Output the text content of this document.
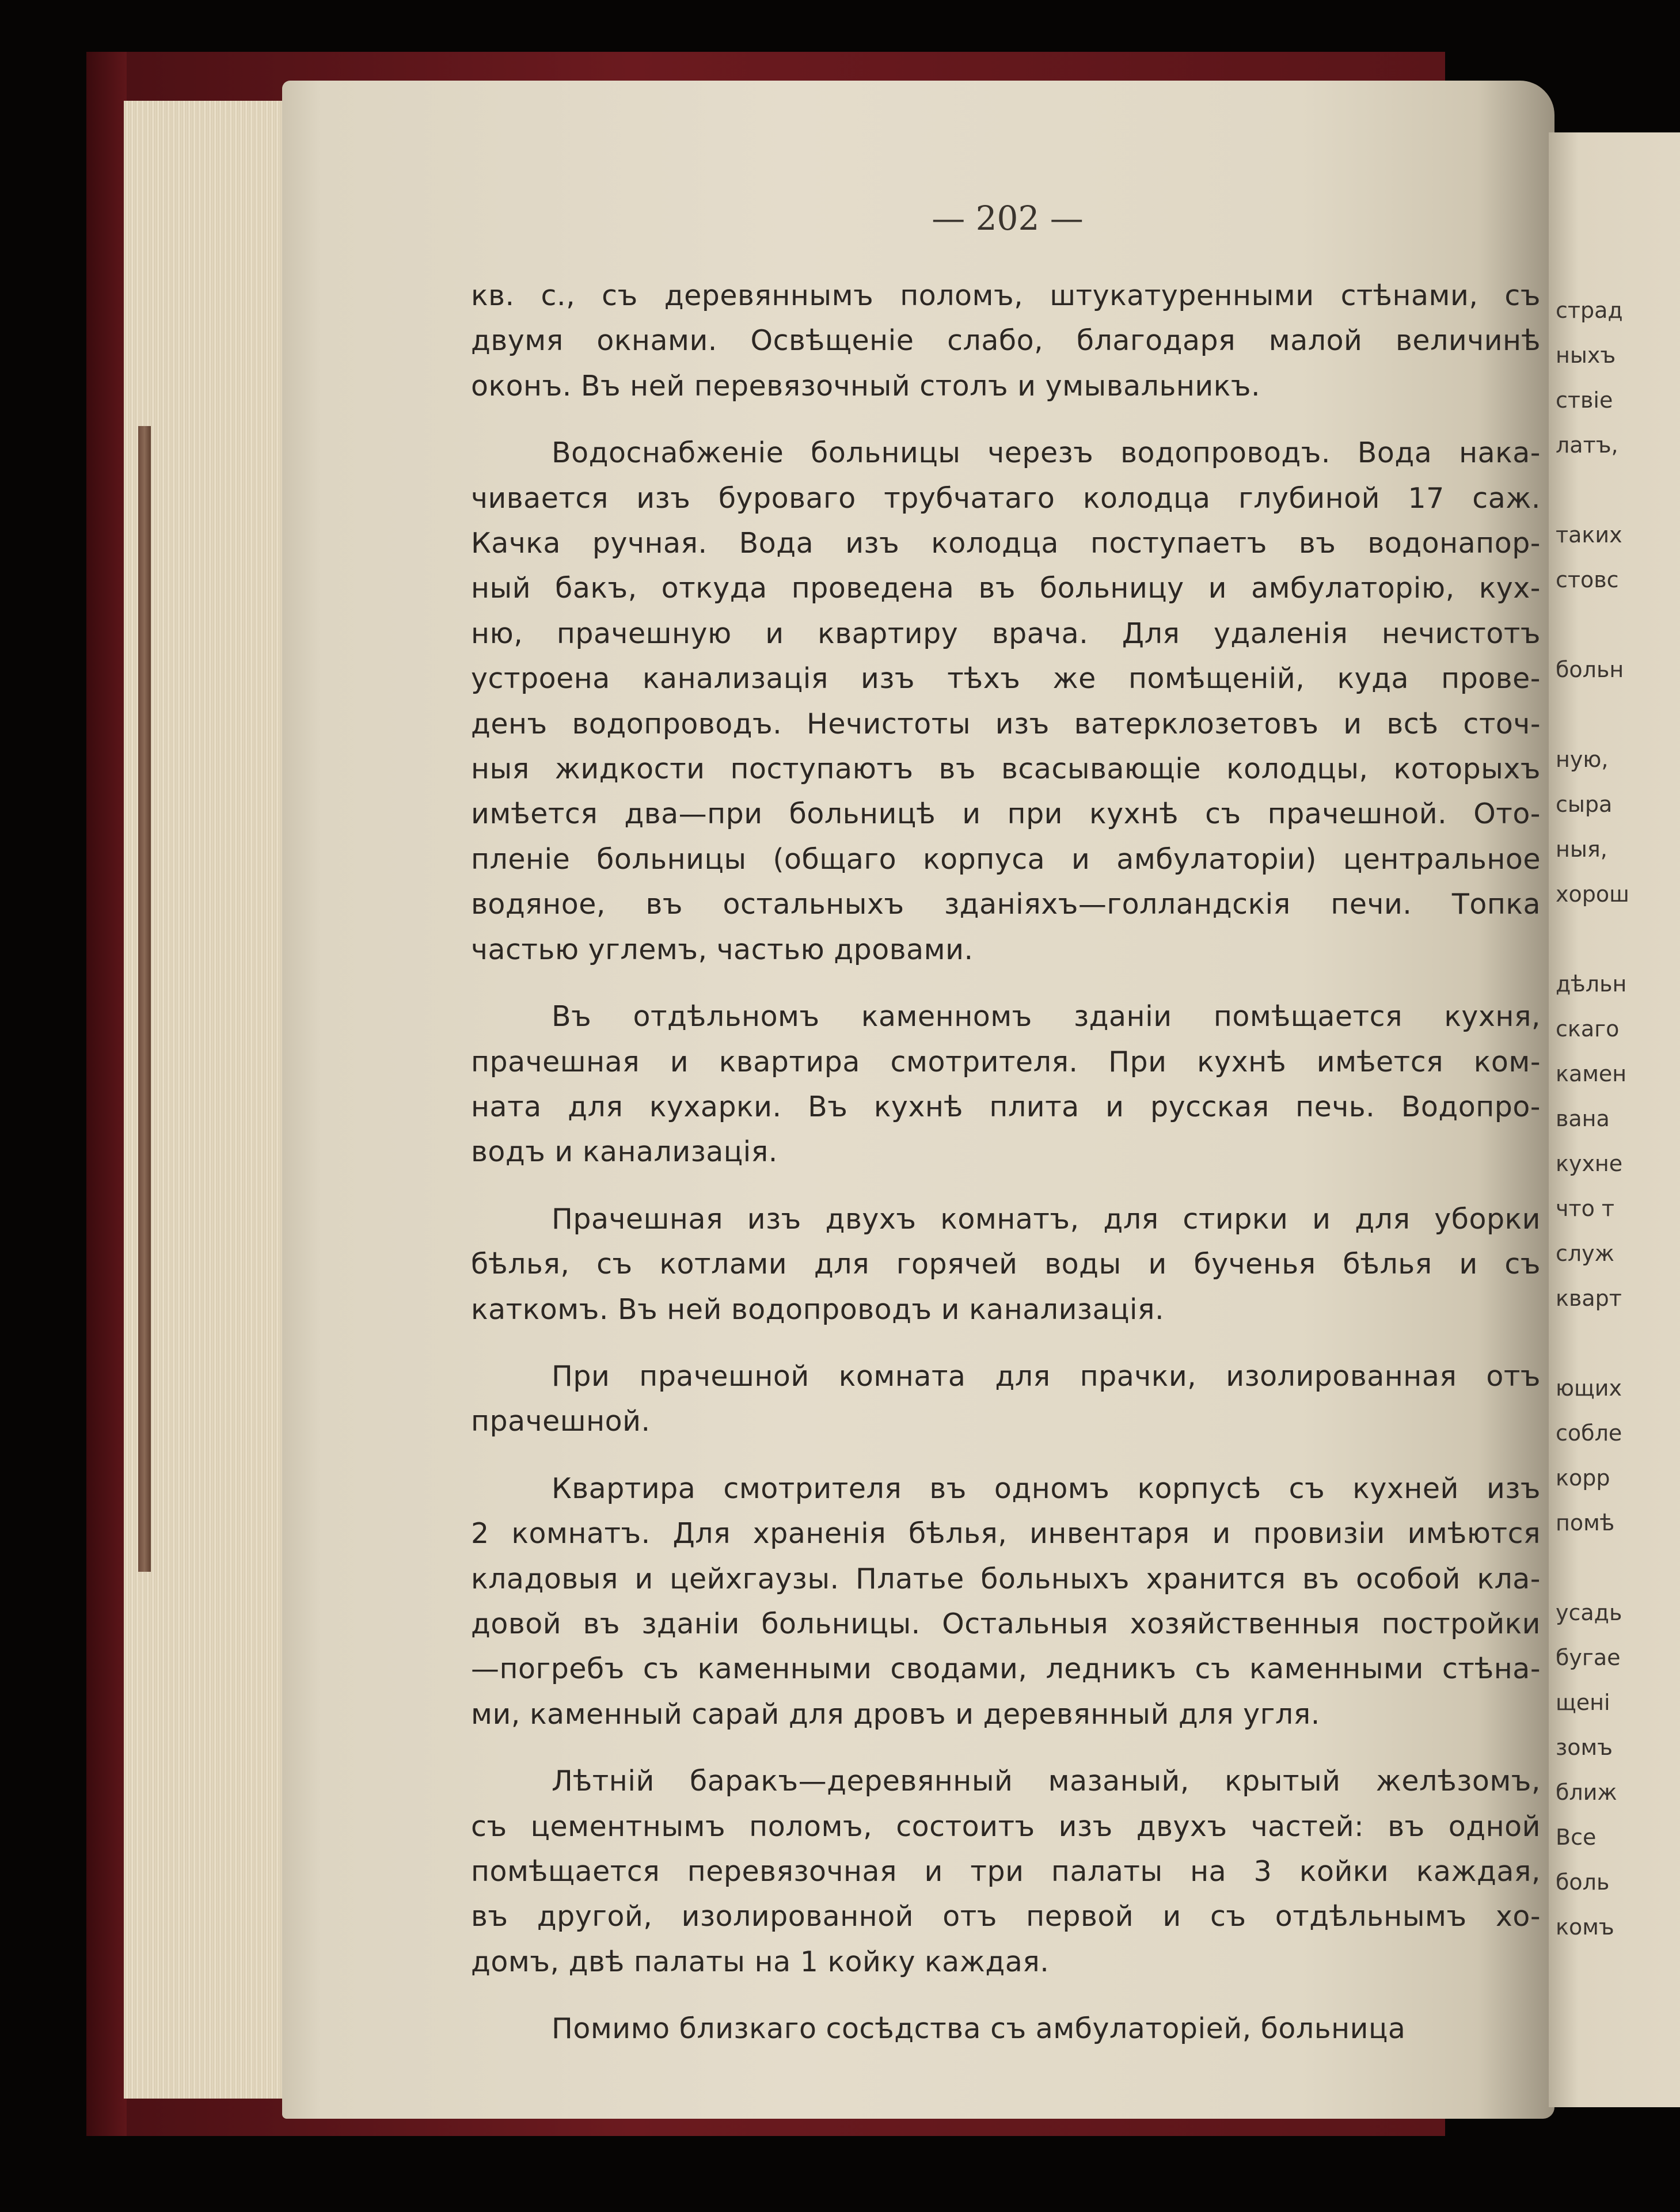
страд
ныхъ
ствіе
латъ,
таких
стовс
больн
ную,
сыра
ныя,
хорош
дѣльн
скаго
камен
вана
кухне
что т
служ
кварт
ющих
собле
корр
помѣ
усадь
бугае
щені
зомъ
ближ
Все
боль
комъ
— 202 —
кв. с., съ деревяннымъ поломъ, штукатуренными стѣнами, съ
двумя окнами. Освѣщеніе слабо, благодаря малой величинѣ
оконъ. Въ ней перевязочный столъ и умывальникъ.
Водоснабженіе больницы черезъ водопроводъ. Вода нака-
чивается изъ буроваго трубчатаго колодца глубиной 17 саж.
Качка ручная. Вода изъ колодца поступаетъ въ водонапор-
ный бакъ, откуда проведена въ больницу и амбулаторію, кух-
ню, прачешную и квартиру врача. Для удаленія нечистотъ
устроена канализація изъ тѣхъ же помѣщеній, куда прове-
денъ водопроводъ. Нечистоты изъ ватерклозетовъ и всѣ сточ-
ныя жидкости поступаютъ въ всасывающіе колодцы, которыхъ
имѣется два—при больницѣ и при кухнѣ съ прачешной. Ото-
пленіе больницы (общаго корпуса и амбулаторіи) центральное
водяное, въ остальныхъ зданіяхъ—голландскія печи. Топка
частью углемъ, частью дровами.
Въ отдѣльномъ каменномъ зданіи помѣщается кухня,
прачешная и квартира смотрителя. При кухнѣ имѣется ком-
ната для кухарки. Въ кухнѣ плита и русская печь. Водопро-
водъ и канализація.
Прачешная изъ двухъ комнатъ, для стирки и для уборки
бѣлья, съ котлами для горячей воды и бученья бѣлья и съ
каткомъ. Въ ней водопроводъ и канализація.
При прачешной комната для прачки, изолированная отъ
прачешной.
Квартира смотрителя въ одномъ корпусѣ съ кухней изъ
2 комнатъ. Для храненія бѣлья, инвентаря и провизіи имѣются
кладовыя и цейхгаузы. Платье больныхъ хранится въ особой кла-
довой въ зданіи больницы. Остальныя хозяйственныя постройки
—погребъ съ каменными сводами, ледникъ съ каменными стѣна-
ми, каменный сарай для дровъ и деревянный для угля.
Лѣтній баракъ—деревянный мазаный, крытый желѣзомъ,
съ цементнымъ поломъ, состоитъ изъ двухъ частей: въ одной
помѣщается перевязочная и три палаты на 3 койки каждая,
въ другой, изолированной отъ первой и съ отдѣльнымъ хо-
домъ, двѣ палаты на 1 койку каждая.
Помимо близкаго сосѣдства съ амбулаторіей, больница
